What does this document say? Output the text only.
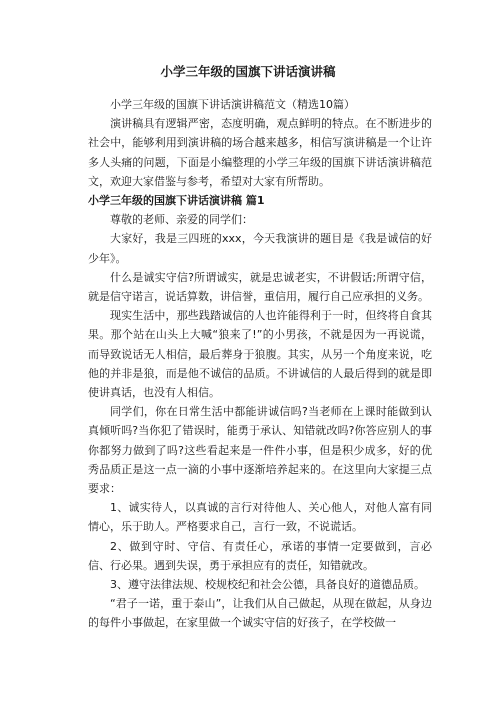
小学三年级的国旗下讲话演讲稿

小学三年级的国旗下讲话演讲稿范文（精选10篇）

演讲稿具有逻辑严密，态度明确，观点鲜明的特点。在不断进步的社会中，能够利用到演讲稿的场合越来越多，相信写演讲稿是一个让许多人头痛的问题，下面是小编整理的小学三年级的国旗下讲话演讲稿范文，欢迎大家借鉴与参考，希望对大家有所帮助。

小学三年级的国旗下讲话演讲稿 篇1

尊敬的老师、亲爱的同学们：

大家好，我是三四班的xxx，今天我演讲的题目是《我是诚信的好少年》。

什么是诚实守信?所谓诚实，就是忠诚老实，不讲假话;所谓守信，就是信守诺言，说话算数，讲信誉，重信用，履行自己应承担的义务。

现实生活中，那些践踏诚信的人也许能得利于一时，但终将自食其果。那个站在山头上大喊“狼来了!”的小男孩，不就是因为一再说谎，而导致说话无人相信，最后葬身于狼腹。其实，从另一个角度来说，吃他的并非是狼，而是他不诚信的品质。不讲诚信的人最后得到的就是即使讲真话，也没有人相信。

同学们，你在日常生活中都能讲诚信吗?当老师在上课时能做到认真倾听吗?当你犯了错误时，能勇于承认、知错就改吗?你答应别人的事你都努力做到了吗?这些看起来是一件件小事，但是积少成多，好的优秀品质正是这一点一滴的小事中逐渐培养起来的。在这里向大家提三点要求：

1、诚实待人，以真诚的言行对待他人、关心他人，对他人富有同情心，乐于助人。严格要求自己，言行一致，不说谎话。

2、做到守时、守信、有责任心，承诺的事情一定要做到，言必信、行必果。遇到失误，勇于承担应有的责任，知错就改。

3、遵守法律法规、校规校纪和社会公德，具备良好的道德品质。

“君子一诺，重于泰山”，让我们从自己做起，从现在做起，从身边的每件小事做起，在家里做一个诚实守信的好孩子，在学校做一
